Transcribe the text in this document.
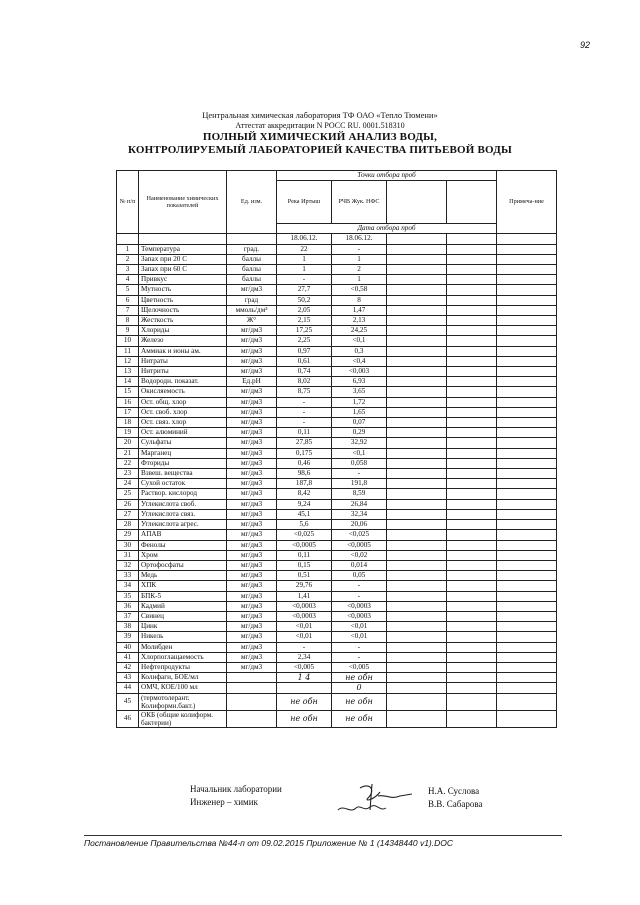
92
Центральная химическая лаборатория ТФ ОАО «Тепло Тюмени»
Аттестат аккредитации N РОСС RU. 0001.518310
ПОЛНЫЙ ХИМИЧЕСКИЙ АНАЛИЗ ВОДЫ,
КОНТРОЛИРУЕМЫЙ ЛАБОРАТОРИЕЙ КАЧЕСТВА ПИТЬЕВОЙ ВОДЫ
№ п/п	Наименование химических показателей	Ед. изм.	Точки отбора проб				Примеча-ние
			Река Иртыш	РЧВ Жук. НФС			
			Дата отбора проб				
			18.06.12.	18.06.12.			
1	Температура	град.	22	-			
2	Запах при 20 С	баллы	1	1			
3	Запах при 60 С	баллы	1	2			
4	Привкус	баллы	-	1			
5	Мутность	мг/дм3	27,7	<0,58			
6	Цветность	град	50,2	8			
7	Щелочность	ммоль/дм³	2,05	1,47			
8	Жесткость	Ж°	2,15	2,13			
9	Хлориды	мг/дм3	17,25	24,25			
10	Железо	мг/дм3	2,25	<0,1			
11	Аммиак и ионы ам.	мг/дм3	0,97	0,3			
12	Нитраты	мг/дм3	0,61	<0,4			
13	Нитриты	мг/дм3	0,74	<0,003			
14	Водородн. показат.	Ед.рН	8,02	6,93			
15	Окисляемость	мг/дм3	8,75	3,65			
16	Ост. общ. хлор	мг/дм3	-	1,72			
17	Ост. своб. хлор	мг/дм3	-	1,65			
18	Ост. связ. хлор	мг/дм3	-	0,07			
19	Ост. алюминий	мг/дм3	0,11	0,29			
20	Сульфаты	мг/дм3	27,85	32,92			
21	Марганец	мг/дм3	0,175	<0,1			
22	Фториды	мг/дм3	0,46	0,058			
23	Взвеш. вещества	мг/дм3	98,6	-			
24	Сухой остаток	мг/дм3	187,8	191,8			
25	Раствор. кислород	мг/дм3	8,42	8,59			
26	Углекислота своб.	мг/дм3	9,24	26,84			
27	Углекислота связ.	мг/дм3	45,1	32,34			
28	Углекислота агрес.	мг/дм3	5,6	20,06			
29	АПАВ	мг/дм3	<0,025	<0,025			
30	Фенолы	мг/дм3	<0,0005	<0,0005			
31	Хром	мг/дм3	0,11	<0,02			
32	Ортофосфаты	мг/дм3	0,15	0,014			
33	Медь	мг/дм3	0,51	0,05			
34	ХПК	мг/дм3	29,76	-			
35	БПК-5	мг/дм3	1,41	-			
36	Кадмий	мг/дм3	<0,0003	<0,0003			
37	Свинец	мг/дм3	<0,0003	<0,0003			
38	Цинк	мг/дм3	<0,01	<0,01			
39	Никель	мг/дм3	<0,01	<0,01			
40	Молибден	мг/дм3	-	-			
41	Хлорпоглащаемость	мг/дм3	2,34	-			
42	Нефтепродукты	мг/дм3	<0,005	<0,005			
43	Колифаги, БОЕ/мл		1 4	не обн			
44	ОМЧ, КОЕ/100 мл			0			
45	(термотолерант. Колиформн.бакт.)		не обн	не обн			
46	ОКБ (общие колиформ. бактерии)		не обн	не обн			
Начальник лаборатории
Инженер – химик
Н.А. Суслова
В.В. Сабарова
Постановление Правительства №44-п от 09.02.2015 Приложение № 1 (14348440 v1).DOC
